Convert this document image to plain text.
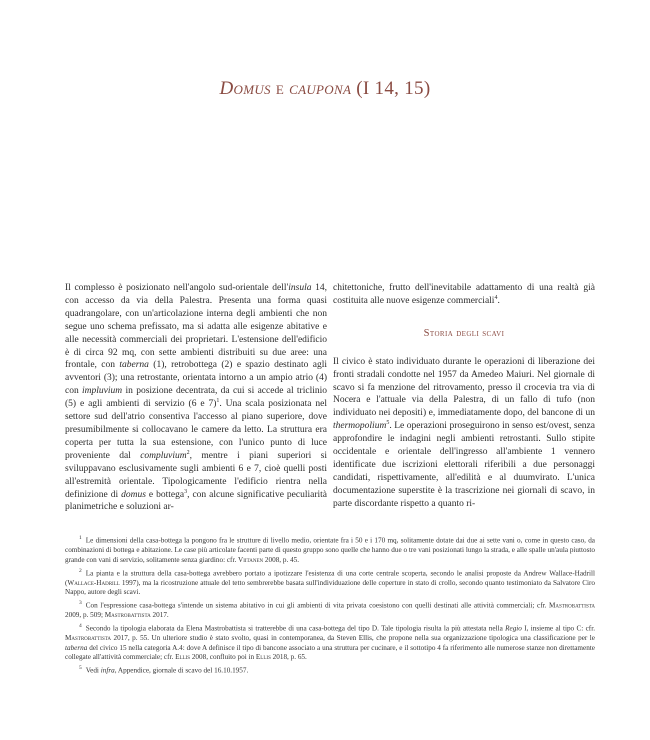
Domus e caupona (I 14, 15)

Il complesso è posizionato nell'angolo sud-orientale dell'insula 14, con accesso da via della Palestra. Presenta una forma quasi quadrangolare, con un'articolazione interna degli ambienti che non segue uno schema prefissato, ma si adatta alle esigenze abitative e alle necessità commerciali dei proprietari. L'estensione dell'edificio è di circa 92 mq, con sette ambienti distribuiti su due aree: una frontale, con taberna (1), retrobottega (2) e spazio destinato agli avventori (3); una retrostante, orientata intorno a un ampio atrio (4) con impluvium in posizione decentrata, da cui si accede al triclinio (5) e agli ambienti di servizio (6 e 7)$^1$. Una scala posizionata nel settore sud dell'atrio consentiva l'accesso al piano superiore, dove presumibilmente si collocavano le camere da letto. La struttura era coperta per tutta la sua estensione, con l'unico punto di luce proveniente dal compluvium$^2$, mentre i piani superiori si sviluppavano esclusivamente sugli ambienti 6 e 7, cioè quelli posti all'estremità orientale. Tipologicamente l'edificio rientra nella definizione di domus e bottega$^3$, con alcune significative peculiarità planimetriche e soluzioni ar-

chitettoniche, frutto dell'inevitabile adattamento di una realtà già costituita alle nuove esigenze commerciali$^4$.

Storia degli scavi

Il civico è stato individuato durante le operazioni di liberazione dei fronti stradali condotte nel 1957 da Amedeo Maiuri. Nel giornale di scavo si fa menzione del ritrovamento, presso il crocevia tra via di Nocera e l'attuale via della Palestra, di un fallo di tufo (non individuato nei depositi) e, immediatamente dopo, del bancone di un thermopolium$^5$. Le operazioni proseguirono in senso est/ovest, senza approfondire le indagini negli ambienti retrostanti. Sullo stipite occidentale e orientale dell'ingresso all'ambiente 1 vennero identificate due iscrizioni elettorali riferibili a due personaggi candidati, rispettivamente, all'edilità e al duumvirato. L'unica documentazione superstite è la trascrizione nei giornali di scavo, in parte discordante rispetto a quanto ri-

$^1$ Le dimensioni della casa-bottega la pongono fra le strutture di livello medio, orientate fra i 50 e i 170 mq, solitamente dotate dai due ai sette vani o, come in questo caso, da combinazioni di bottega e abitazione. Le case più articolate facenti parte di questo gruppo sono quelle che hanno due o tre vani posizionati lungo la strada, e alle spalle un'aula piuttosto grande con vani di servizio, solitamente senza giardino: cfr. Viitanen 2008, p. 45.

$^2$ La pianta e la struttura della casa-bottega avrebbero portato a ipotizzare l'esistenza di una corte centrale scoperta, secondo le analisi proposte da Andrew Wallace-Hadrill (Wallace-Hadrill 1997), ma la ricostruzione attuale del tetto sembrerebbe basata sull'individuazione delle coperture in stato di crollo, secondo quanto testimoniato da Salvatore Ciro Nappo, autore degli scavi.

$^3$ Con l'espressione casa-bottega s'intende un sistema abitativo in cui gli ambienti di vita privata coesistono con quelli destinati alle attività commerciali; cfr. Mastrobattista 2009, p. 509; Mastrobattista 2017.

$^4$ Secondo la tipologia elaborata da Elena Mastrobattista si tratterebbe di una casa-bottega del tipo D. Tale tipologia risulta la più attestata nella Regio I, insieme al tipo C: cfr. Mastrobattista 2017, p. 55. Un ulteriore studio è stato svolto, quasi in contemporanea, da Steven Ellis, che propone nella sua organizzazione tipologica una classificazione per le taberna del civico 15 nella categoria A.4: dove A definisce il tipo di bancone associato a una struttura per cucinare, e il sottotipo 4 fa riferimento alle numerose stanze non direttamente collegate all'attività commerciale; cfr. Ellis 2008, confluito poi in Ellis 2018, p. 65.

$^5$ Vedi infra, Appendice, giornale di scavo del 16.10.1957.
